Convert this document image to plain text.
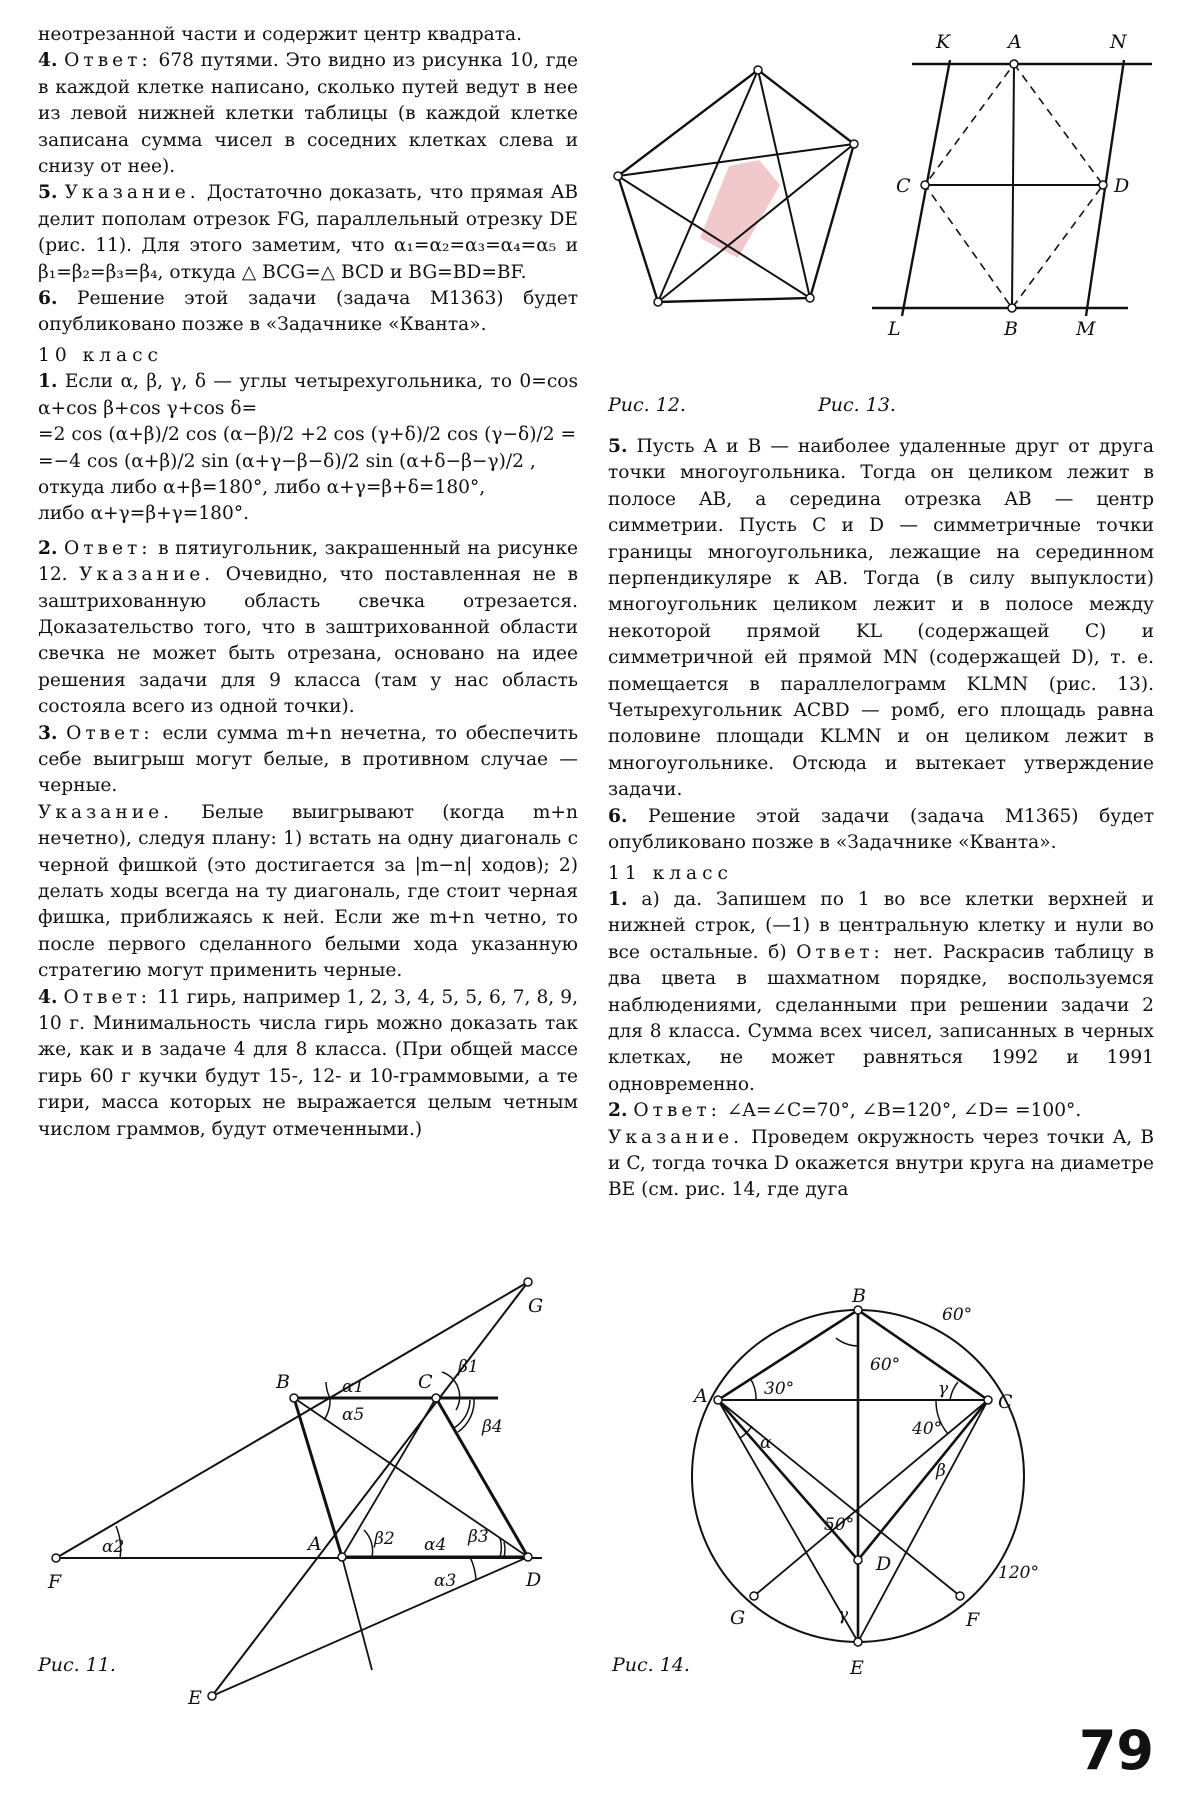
неотрезанной части и содержит центр квадрата.

4. Ответ: 678 путями. Это видно из рисунка 10, где в каждой клетке написано, сколько путей ведут в нее из левой нижней клетки таблицы (в каждой клетке записана сумма чисел в соседних клетках слева и снизу от нее).

5. Указание. Достаточно доказать, что прямая AB делит пополам отрезок FG, параллельный отрезку DE (рис. 11). Для этого заметим, что α₁=α₂=α₃=α₄=α₅ и β₁=β₂=β₃=β₄, откуда △ BCG=△ BCD и BG=BD=BF.

6. Решение этой задачи (задача M1363) будет опубликовано позже в «Задачнике «Кванта».

10 класс

1. Если α, β, γ, δ — углы четырехугольника, то 0=cos α+cos β+cos γ+cos δ=

=2 cos (α+β)/2 cos (α−β)/2 +2 cos (γ+δ)/2 cos (γ−δ)/2 =
=−4 cos (α+β)/2 sin (α+γ−β−δ)/2 sin (α+δ−β−γ)/2 ,
откуда либо α+β=180°, либо α+γ=β+δ=180°,
либо α+γ=β+γ=180°.

2. Ответ: в пятиугольник, закрашенный на рисунке 12. Указание. Очевидно, что поставленная не в заштрихованную область свечка отрезается. Доказательство того, что в заштрихованной области свечка не может быть отрезана, основано на идее решения задачи для 9 класса (там у нас область состояла всего из одной точки).

3. Ответ: если сумма m+n нечетна, то обеспечить себе выигрыш могут белые, в противном случае — черные.

Указание. Белые выигрывают (когда m+n нечетно), следуя плану: 1) встать на одну диагональ с черной фишкой (это достигается за |m−n| ходов); 2) делать ходы всегда на ту диагональ, где стоит черная фишка, приближаясь к ней. Если же m+n четно, то после первого сделанного белыми хода указанную стратегию могут применить черные.

4. Ответ: 11 гирь, например 1, 2, 3, 4, 5, 5, 6, 7, 8, 9, 10 г. Минимальность числа гирь можно доказать так же, как и в задаче 4 для 8 класса. (При общей массе гирь 60 г кучки будут 15-, 12- и 10-граммовыми, а те гири, масса которых не выражается целым четным числом граммов, будут отмеченными.)

5. Пусть A и B — наиболее удаленные друг от друга точки многоугольника. Тогда он целиком лежит в полосе AB, а середина отрезка AB — центр симметрии. Пусть C и D — симметричные точки границы многоугольника, лежащие на серединном перпендикуляре к AB. Тогда (в силу выпуклости) многоугольник целиком лежит и в полосе между некоторой прямой KL (содержащей C) и симметричной ей прямой MN (содержащей D), т. е. помещается в параллелограмм KLMN (рис. 13). Четырехугольник ACBD — ромб, его площадь равна половине площади KLMN и он целиком лежит в многоугольнике. Отсюда и вытекает утверждение задачи.

6. Решение этой задачи (задача M1365) будет опубликовано позже в «Задачнике «Кванта».

11 класс

1. а) да. Запишем по 1 во все клетки верхней и нижней строк, (—1) в центральную клетку и нули во все остальные. б) Ответ: нет. Раскрасив таблицу в два цвета в шахматном порядке, воспользуемся наблюдениями, сделанными при решении задачи 2 для 8 класса. Сумма всех чисел, записанных в черных клетках, не может равняться 1992 и 1991 одновременно.

2. Ответ: ∠A=∠C=70°, ∠B=120°, ∠D= =100°.

Указание. Проведем окружность через точки A, B и C, тогда точка D окажется внутри круга на диаметре BE (см. рис. 14, где дуга

K	A	N
C	D
L	B	M
Рис. 12.	Рис. 13.
G
B	C
F
A
D
E
α1
α5
α2
β1
β4
β2 α4 β3
α3
Рис. 11.
60°
B
A	C
D
G	F
E
30°
60°
γ
40°
α
β
50°
γ
120°
Рис. 14.
79
